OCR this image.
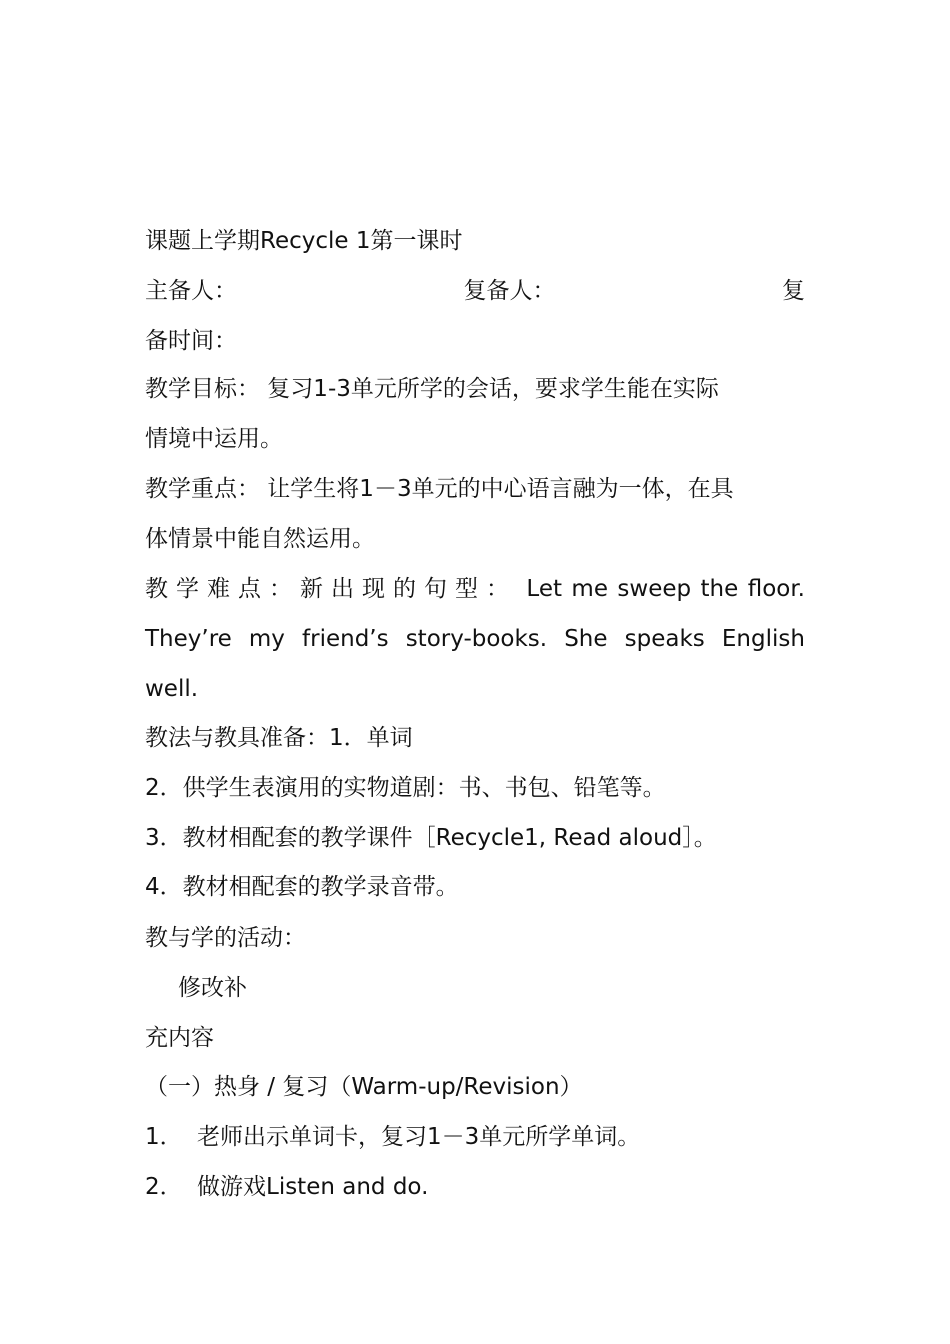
课题上学期Recycle 1第一课时
主备人：	复备人：	复
备时间：
教学目标： 复习1-3单元所学的会话，要求学生能在实际
情境中运用。
教学重点： 让学生将1－3单元的中心语言融为一体，在具
体情景中能自然运用。
教学难点：新出现的句型： Let me sweep the floor.
They’re my friend’s story-books. She speaks English
well.
教法与教具准备：1．单词
2．供学生表演用的实物道剧：书、书包、铅笔等。
3．教材相配套的教学课件［Recycle1, Read aloud］。
4．教材相配套的教学录音带。
教与学的活动：
修改补
充内容
（一）热身 / 复习（Warm-up/Revision）
1． 老师出示单词卡，复习1－3单元所学单词。
2． 做游戏Listen and do.
